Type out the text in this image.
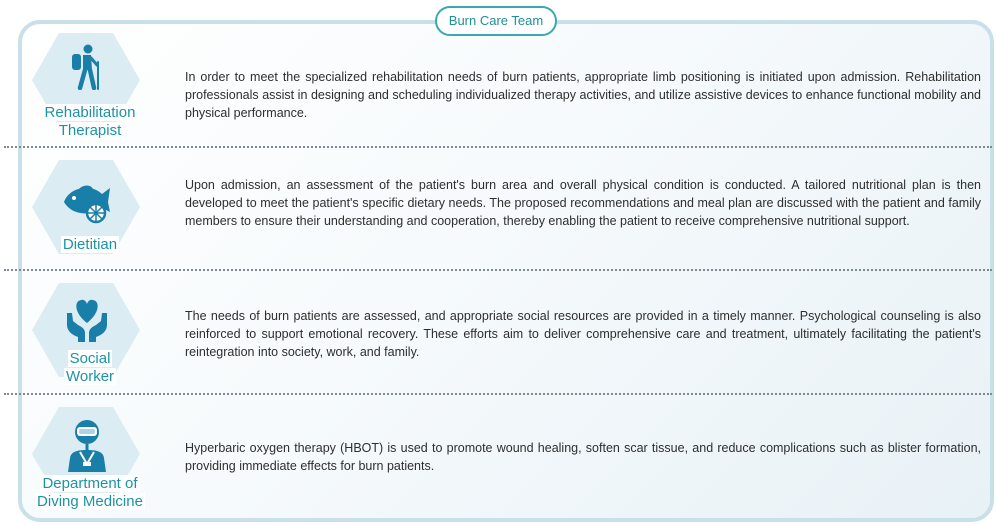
Burn Care Team
Rehabilitation
Therapist

In order to meet the specialized rehabilitation needs of burn patients, appropriate limb positioning is initiated upon admission. Rehabilitation professionals assist in designing and scheduling individualized therapy activities, and utilize assistive devices to enhance functional mobility and physical performance.

Dietitian

Upon admission, an assessment of the patient's burn area and overall physical condition is conducted. A tailored nutritional plan is then developed to meet the patient's specific dietary needs. The proposed recommendations and meal plan are discussed with the patient and family members to ensure their understanding and cooperation, thereby enabling the patient to receive comprehensive nutritional support.

Social
Worker

The needs of burn patients are assessed, and appropriate social resources are provided in a timely manner. Psychological counseling is also reinforced to support emotional recovery. These efforts aim to deliver comprehensive care and treatment, ultimately facilitating the patient's reintegration into society, work, and family.

Department of
Diving Medicine

Hyperbaric oxygen therapy (HBOT) is used to promote wound healing, soften scar tissue, and reduce complications such as blister formation, providing immediate effects for burn patients.
